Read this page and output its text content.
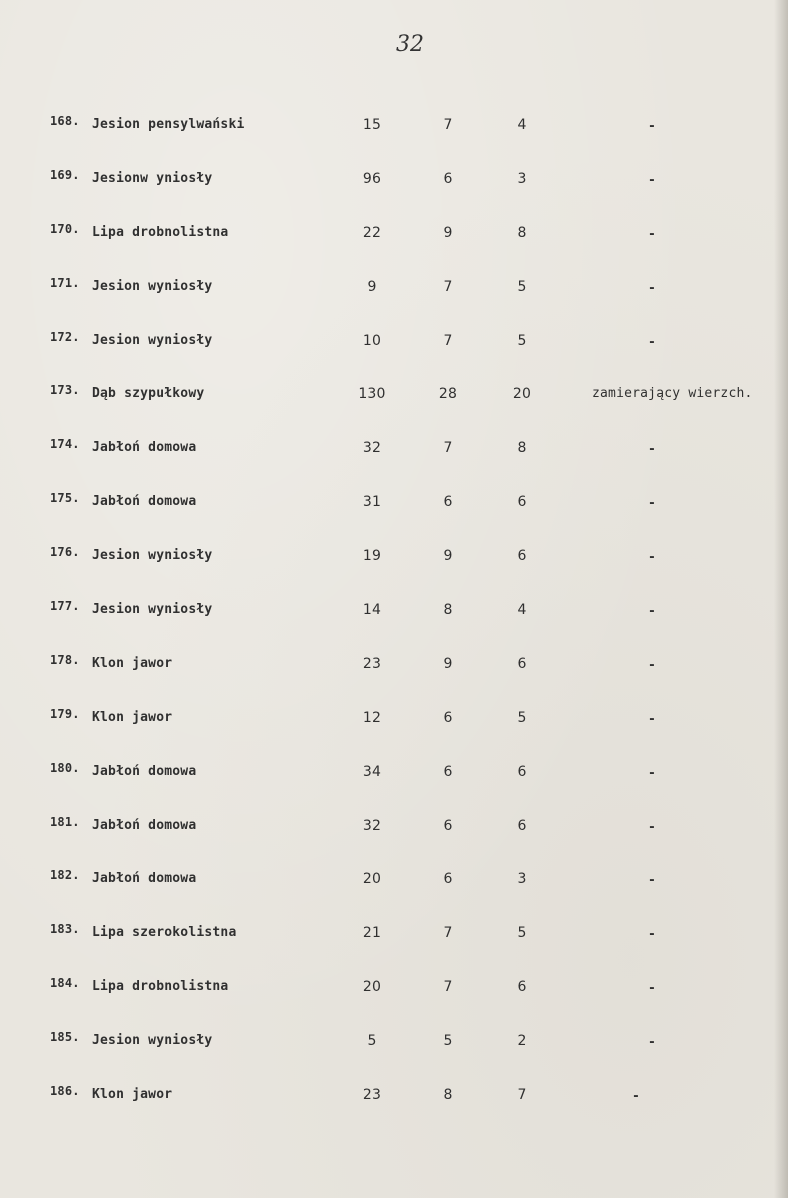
32
168. Jesion pensylwański	15	7	4	-
169. Jesionw yniosły	96	6	3	-
170. Lipa drobnolistna	22	9	8	-
171. Jesion wyniosły	9	7	5	-
172. Jesion wyniosły	10	7	5	-
173. Dąb szypułkowy	130	28	20	zamierający wierzch.
174. Jabłoń domowa	32	7	8	-
175. Jabłoń domowa	31	6	6	-
176. Jesion wyniosły	19	9	6	-
177. Jesion wyniosły	14	8	4	-
178. Klon jawor	23	9	6	-
179. Klon jawor	12	6	5	-
180. Jabłoń domowa	34	6	6	-
181. Jabłoń domowa	32	6	6	-
182. Jabłoń domowa	20	6	3	-
183. Lipa szerokolistna	21	7	5	-
184. Lipa drobnolistna	20	7	6	-
185. Jesion wyniosły	5	5	2	-
186. Klon jawor	23	8	7	-
